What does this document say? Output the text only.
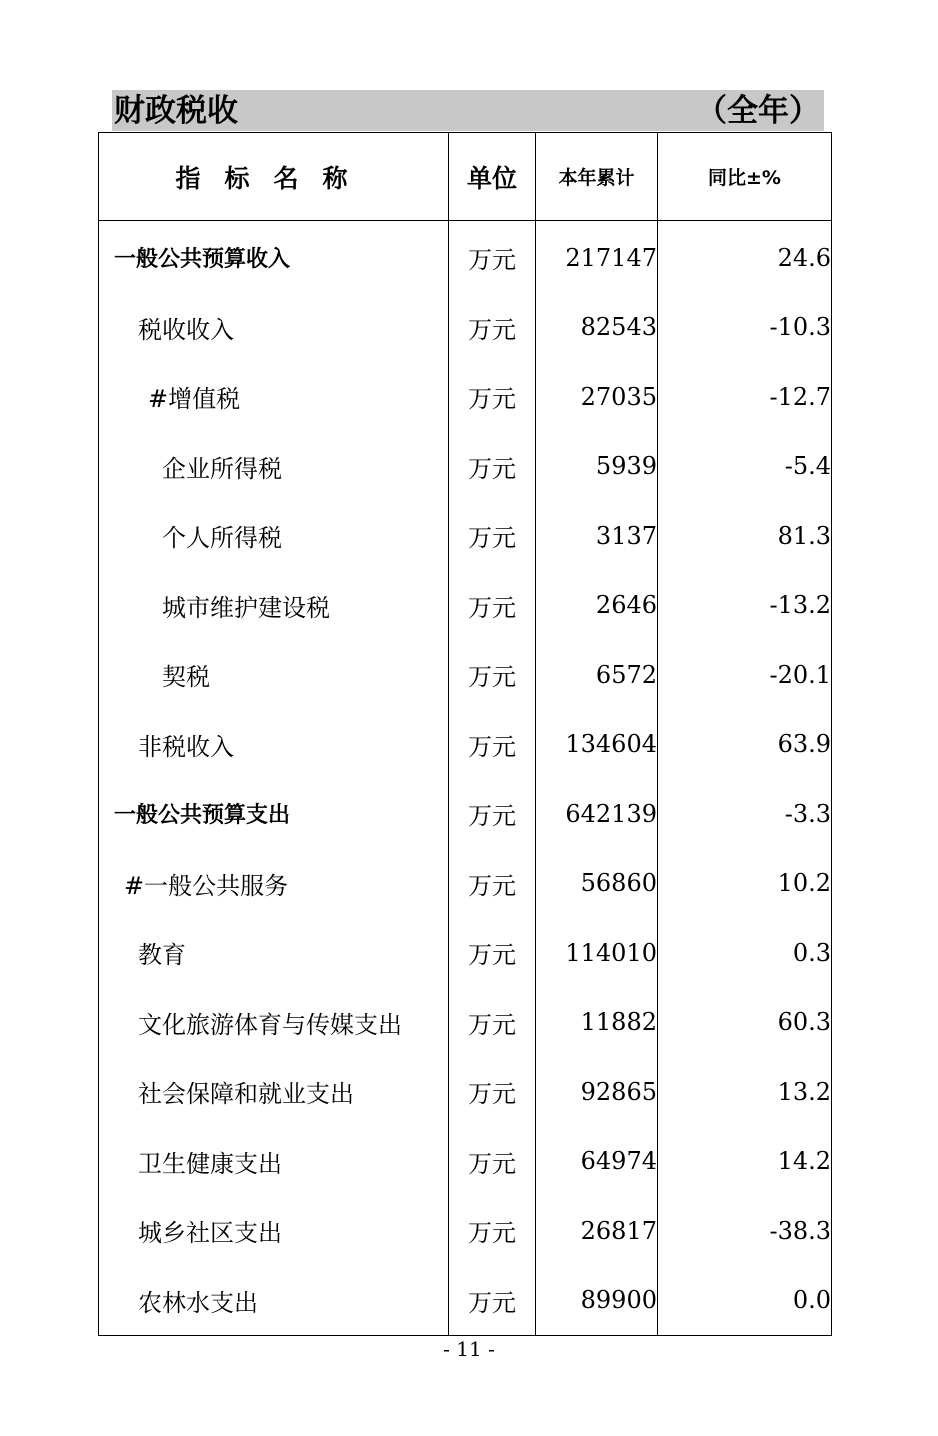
财政税收	（全年）
指标名称	单位	本年累计	同比±%
一般公共预算收入	万元	217147	24.6
税收收入	万元	82543	-10.3
#增值税	万元	27035	-12.7
企业所得税	万元	5939	-5.4
个人所得税	万元	3137	81.3
城市维护建设税	万元	2646	-13.2
契税	万元	6572	-20.1
非税收入	万元	134604	63.9
一般公共预算支出	万元	642139	-3.3
#一般公共服务	万元	56860	10.2
教育	万元	114010	0.3
文化旅游体育与传媒支出	万元	11882	60.3
社会保障和就业支出	万元	92865	13.2
卫生健康支出	万元	64974	14.2
城乡社区支出	万元	26817	-38.3
农林水支出	万元	89900	0.0
- 11 -
